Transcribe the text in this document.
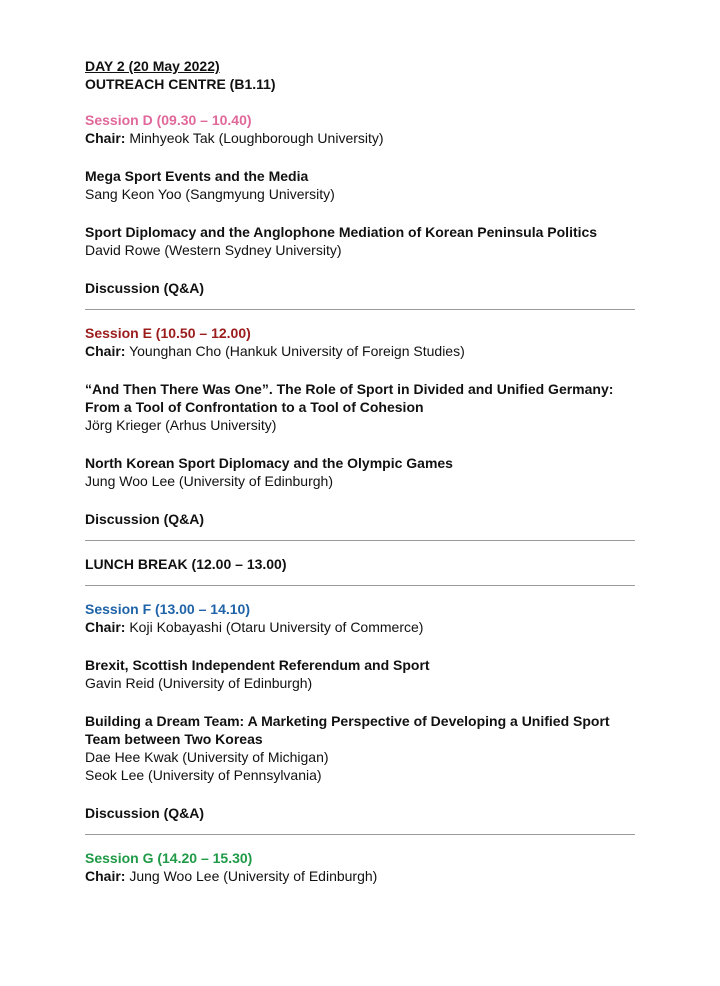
DAY 2 (20 May 2022)
OUTREACH CENTRE (B1.11)
Session D (09.30 – 10.40)
Chair: Minhyeok Tak (Loughborough University)
Mega Sport Events and the Media
Sang Keon Yoo (Sangmyung University)
Sport Diplomacy and the Anglophone Mediation of Korean Peninsula Politics
David Rowe (Western Sydney University)
Discussion (Q&A)
Session E (10.50 – 12.00)
Chair: Younghan Cho (Hankuk University of Foreign Studies)
“And Then There Was One”. The Role of Sport in Divided and Unified Germany:
From a Tool of Confrontation to a Tool of Cohesion
Jörg Krieger (Arhus University)
North Korean Sport Diplomacy and the Olympic Games
Jung Woo Lee (University of Edinburgh)
Discussion (Q&A)
LUNCH BREAK (12.00 – 13.00)
Session F (13.00 – 14.10)
Chair: Koji Kobayashi (Otaru University of Commerce)
Brexit, Scottish Independent Referendum and Sport
Gavin Reid (University of Edinburgh)
Building a Dream Team: A Marketing Perspective of Developing a Unified Sport
Team between Two Koreas
Dae Hee Kwak (University of Michigan)
Seok Lee (University of Pennsylvania)
Discussion (Q&A)
Session G (14.20 – 15.30)
Chair: Jung Woo Lee (University of Edinburgh)
